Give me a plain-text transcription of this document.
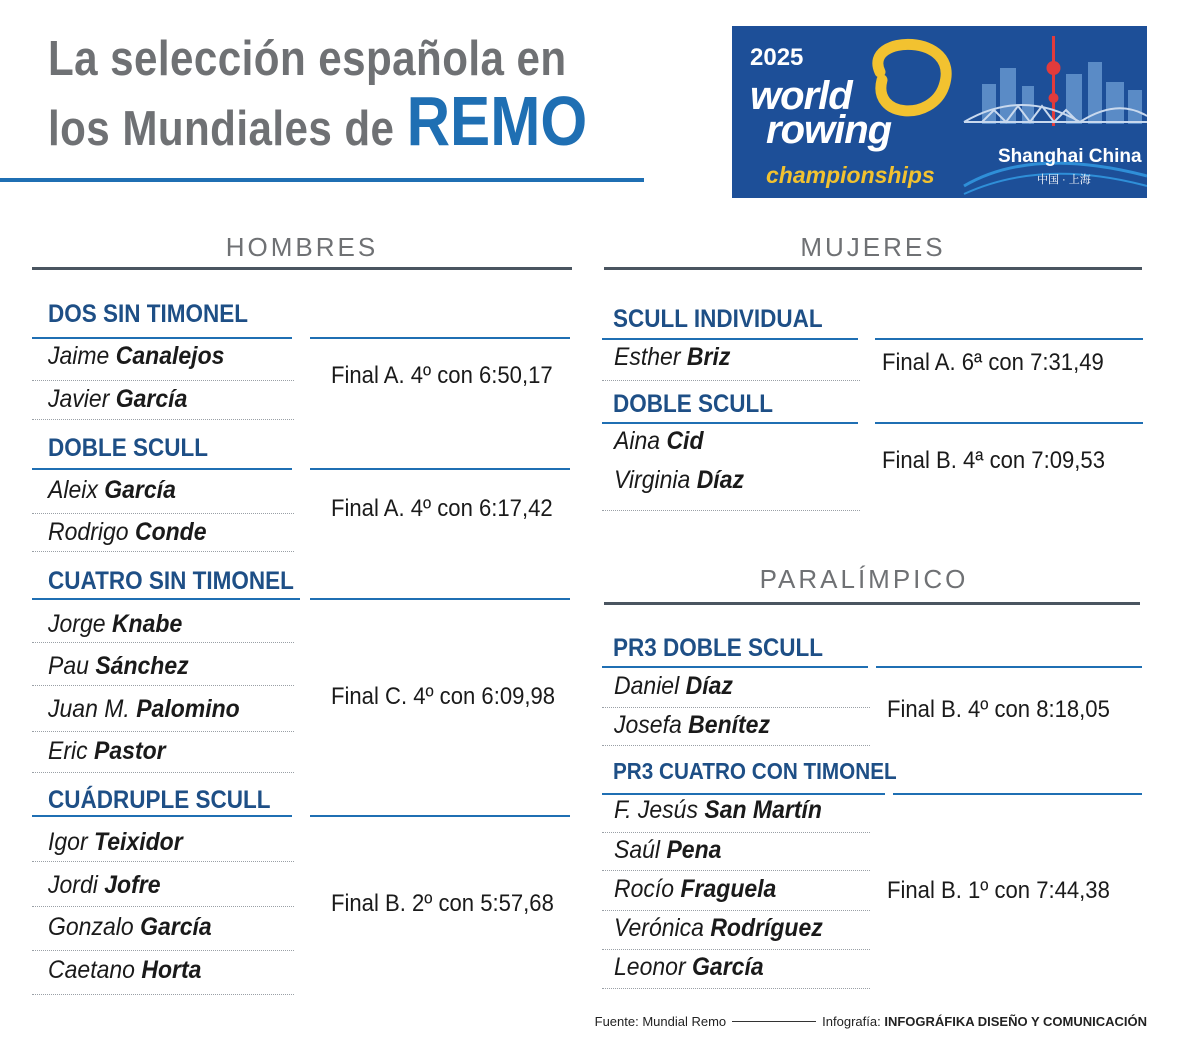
La selección española en
los Mundiales de REMO
2025
world
rowing
championships
Shanghai China
中国 · 上海
HOMBRES	MUJERES
PARALÍMPICO
DOS SIN TIMONEL
Jaime Canalejos
Javier García
Final A. 4º con 6:50,17
DOBLE SCULL
Aleix García
Rodrigo Conde
Final A. 4º con 6:17,42
CUATRO SIN TIMONEL
Jorge Knabe
Pau Sánchez
Juan M. Palomino
Eric Pastor
Final C. 4º con 6:09,98
CUÁDRUPLE SCULL
Igor Teixidor
Jordi Jofre
Gonzalo García
Caetano Horta
Final B. 2º con 5:57,68
SCULL INDIVIDUAL
Esther Briz	Final A. 6ª con 7:31,49
DOBLE SCULL
Aina Cid
Virginia Díaz
Final B. 4ª con 7:09,53
PR3 DOBLE SCULL
Daniel Díaz
Josefa Benítez
Final B. 4º con 8:18,05
PR3 CUATRO CON TIMONEL
F. Jesús San Martín
Saúl Pena
Rocío Fraguela
Verónica Rodríguez
Leonor García
Final B. 1º con 7:44,38
Fuente: Mundial Remo	Infografía:
INFOGRÁFIKA DISEÑO Y COMUNICACIÓN
